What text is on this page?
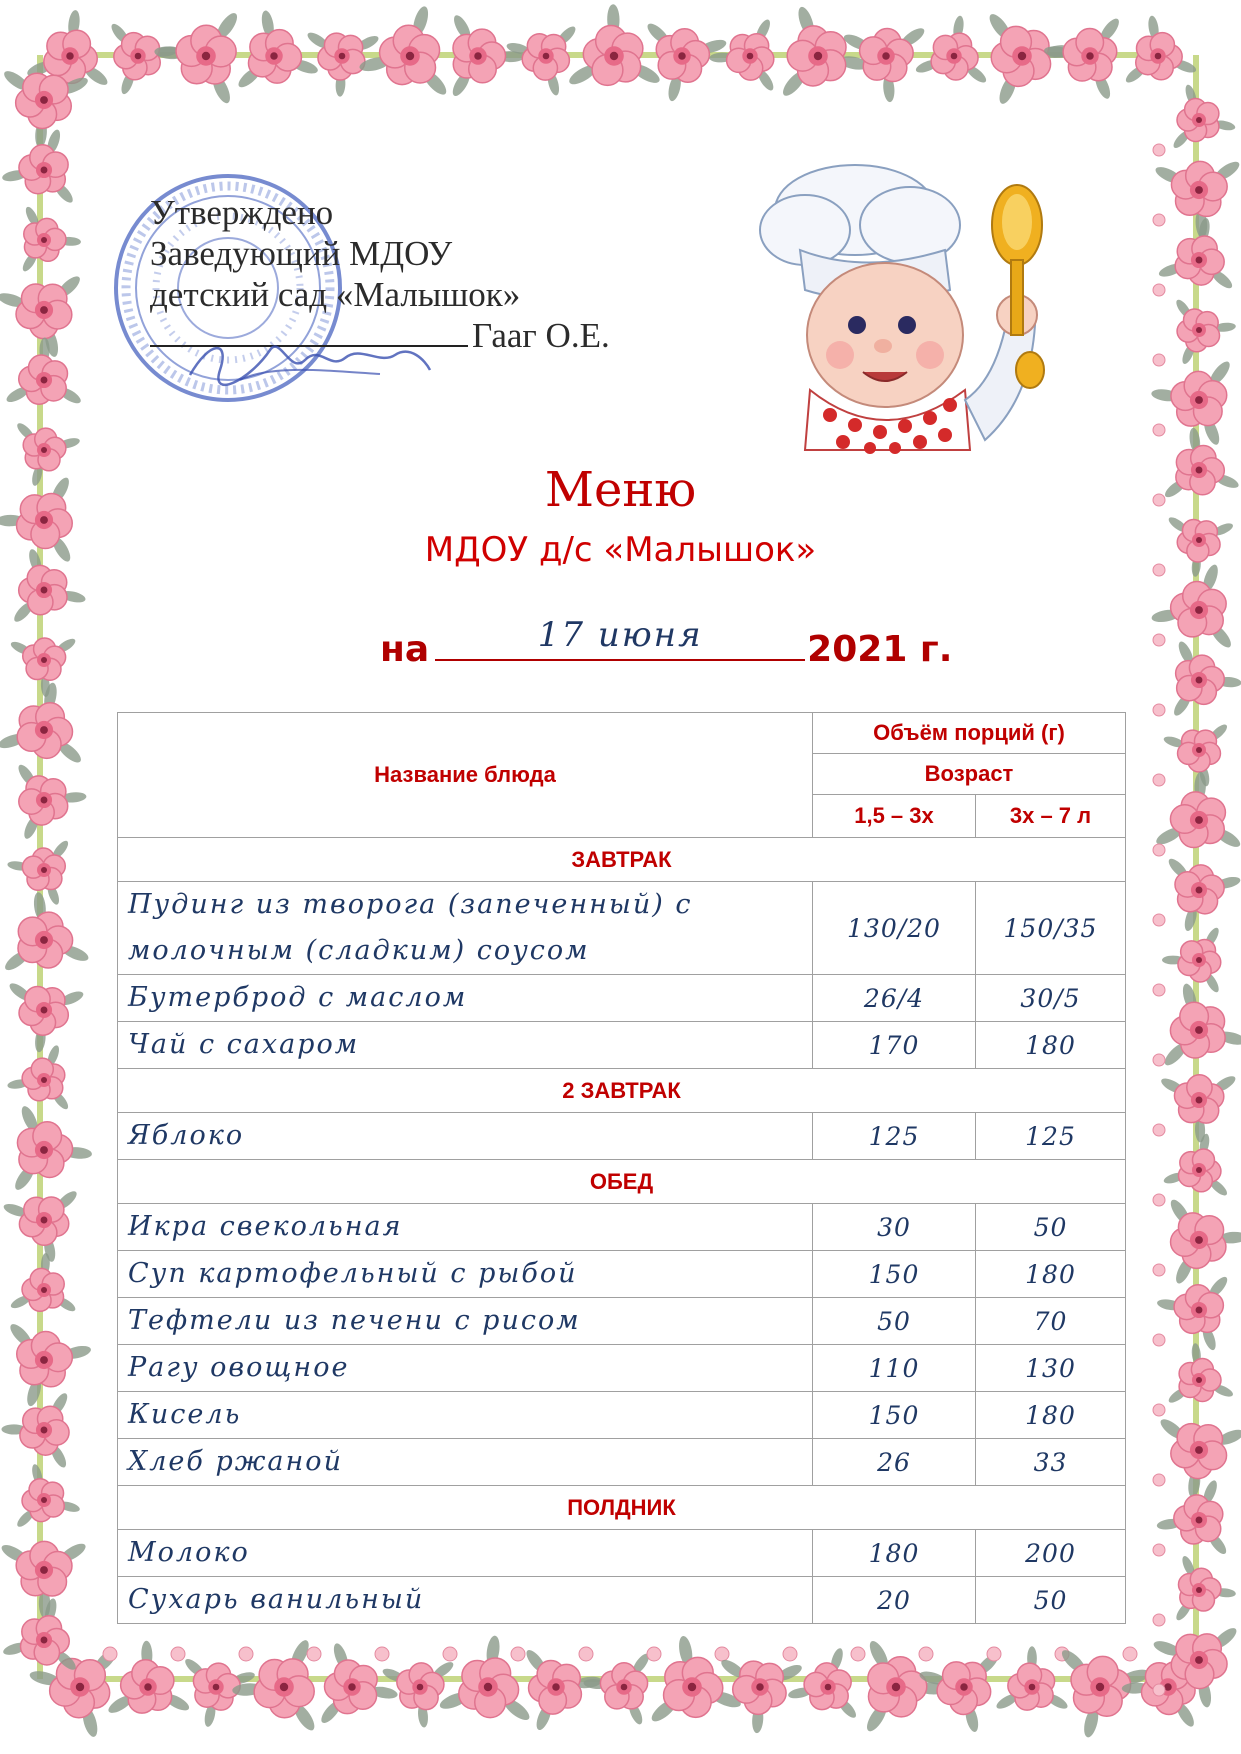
Утверждено
Заведующий МДОУ
детский сад «Малышок»
Гааг О.Е.
Меню
МДОУ д/с «Малышок»
на	17 июня	2021 г.
Название блюда	Объём порций (г)	
	Возраст	
	1,5 – 3х	3х – 7 л
ЗАВТРАК		
Пудинг из творога (запеченный) с молочным (сладким) соусом	130/20	150/35
Бутерброд с маслом	26/4	30/5
Чай с сахаром	170	180
2 ЗАВТРАК		
Яблоко	125	125
ОБЕД		
Икра свекольная	30	50
Суп картофельный с рыбой	150	180
Тефтели из печени с рисом	50	70
Рагу овощное	110	130
Кисель	150	180
Хлеб ржаной	26	33
ПОЛДНИК		
Молоко	180	200
Сухарь ванильный	20	50
